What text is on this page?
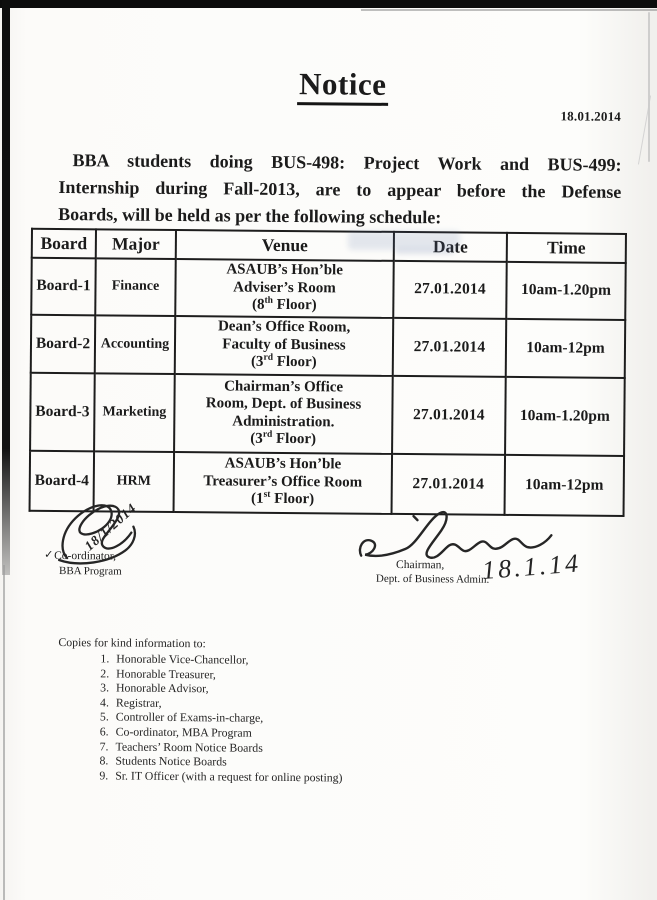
Notice
18.01.2014
BBA students doing BUS-498: Project Work and BUS-499:
Internship during Fall-2013, are to appear before the Defense
Boards, will be held as per the following schedule:
Board	Major	Venue	Date	Time
Board-1	Finance	ASAUB’s Hon’ble
Adviser’s Room
(8th Floor)	27.01.2014	10am-1.20pm
Board-2	Accounting	Dean’s Office Room,
Faculty of Business
(3rd Floor)	27.01.2014	10am-12pm
Board-3	Marketing	Chairman’s Office
Room, Dept. of Business
Administration.
(3rd Floor)	27.01.2014	10am-1.20pm
Board-4	HRM	ASAUB’s Hon’ble
Treasurer’s Office Room
(1st Floor)	27.01.2014	10am-12pm
18/1/2014
✓ Co-ordinator,
BBA Program	Chairman,
Dept. of Business Admin.
18.1.14

Copies for kind information to:

1. Honorable Vice-Chancellor,
2. Honorable Treasurer,
3. Honorable Advisor,
4. Registrar,
5. Controller of Exams-in-charge,
6. Co-ordinator, MBA Program
7. Teachers’ Room Notice Boards
8. Students Notice Boards
9. Sr. IT Officer (with a request for online posting)
